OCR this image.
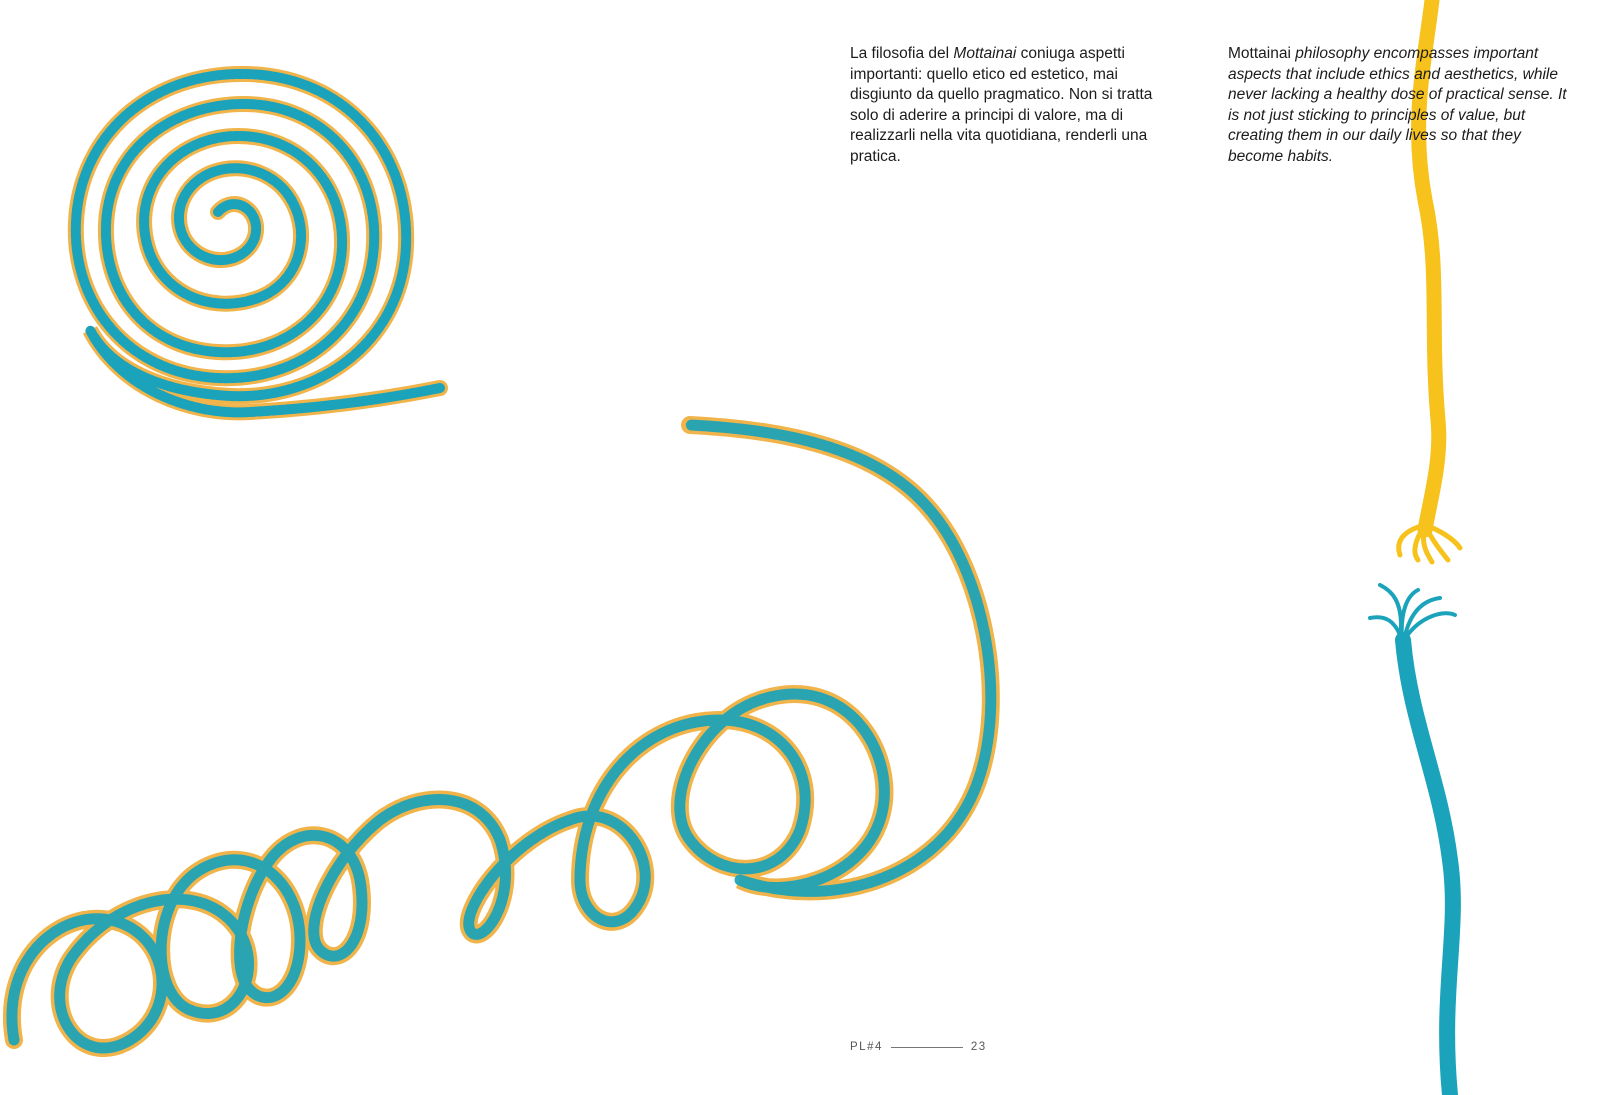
La filosofia del Mottainai coniuga aspetti importanti: quello etico ed estetico, mai disgiunto da quello pragmatico. Non si tratta solo di aderire a principi di valore, ma di realizzarli nella vita quotidiana, renderli una pratica.

Mottainai philosophy encompasses important aspects that include ethics and aesthetics, while never lacking a healthy dose of practical sense. It is not just sticking to principles of value, but creating them in our daily lives so that they become habits.

PL#4	23
